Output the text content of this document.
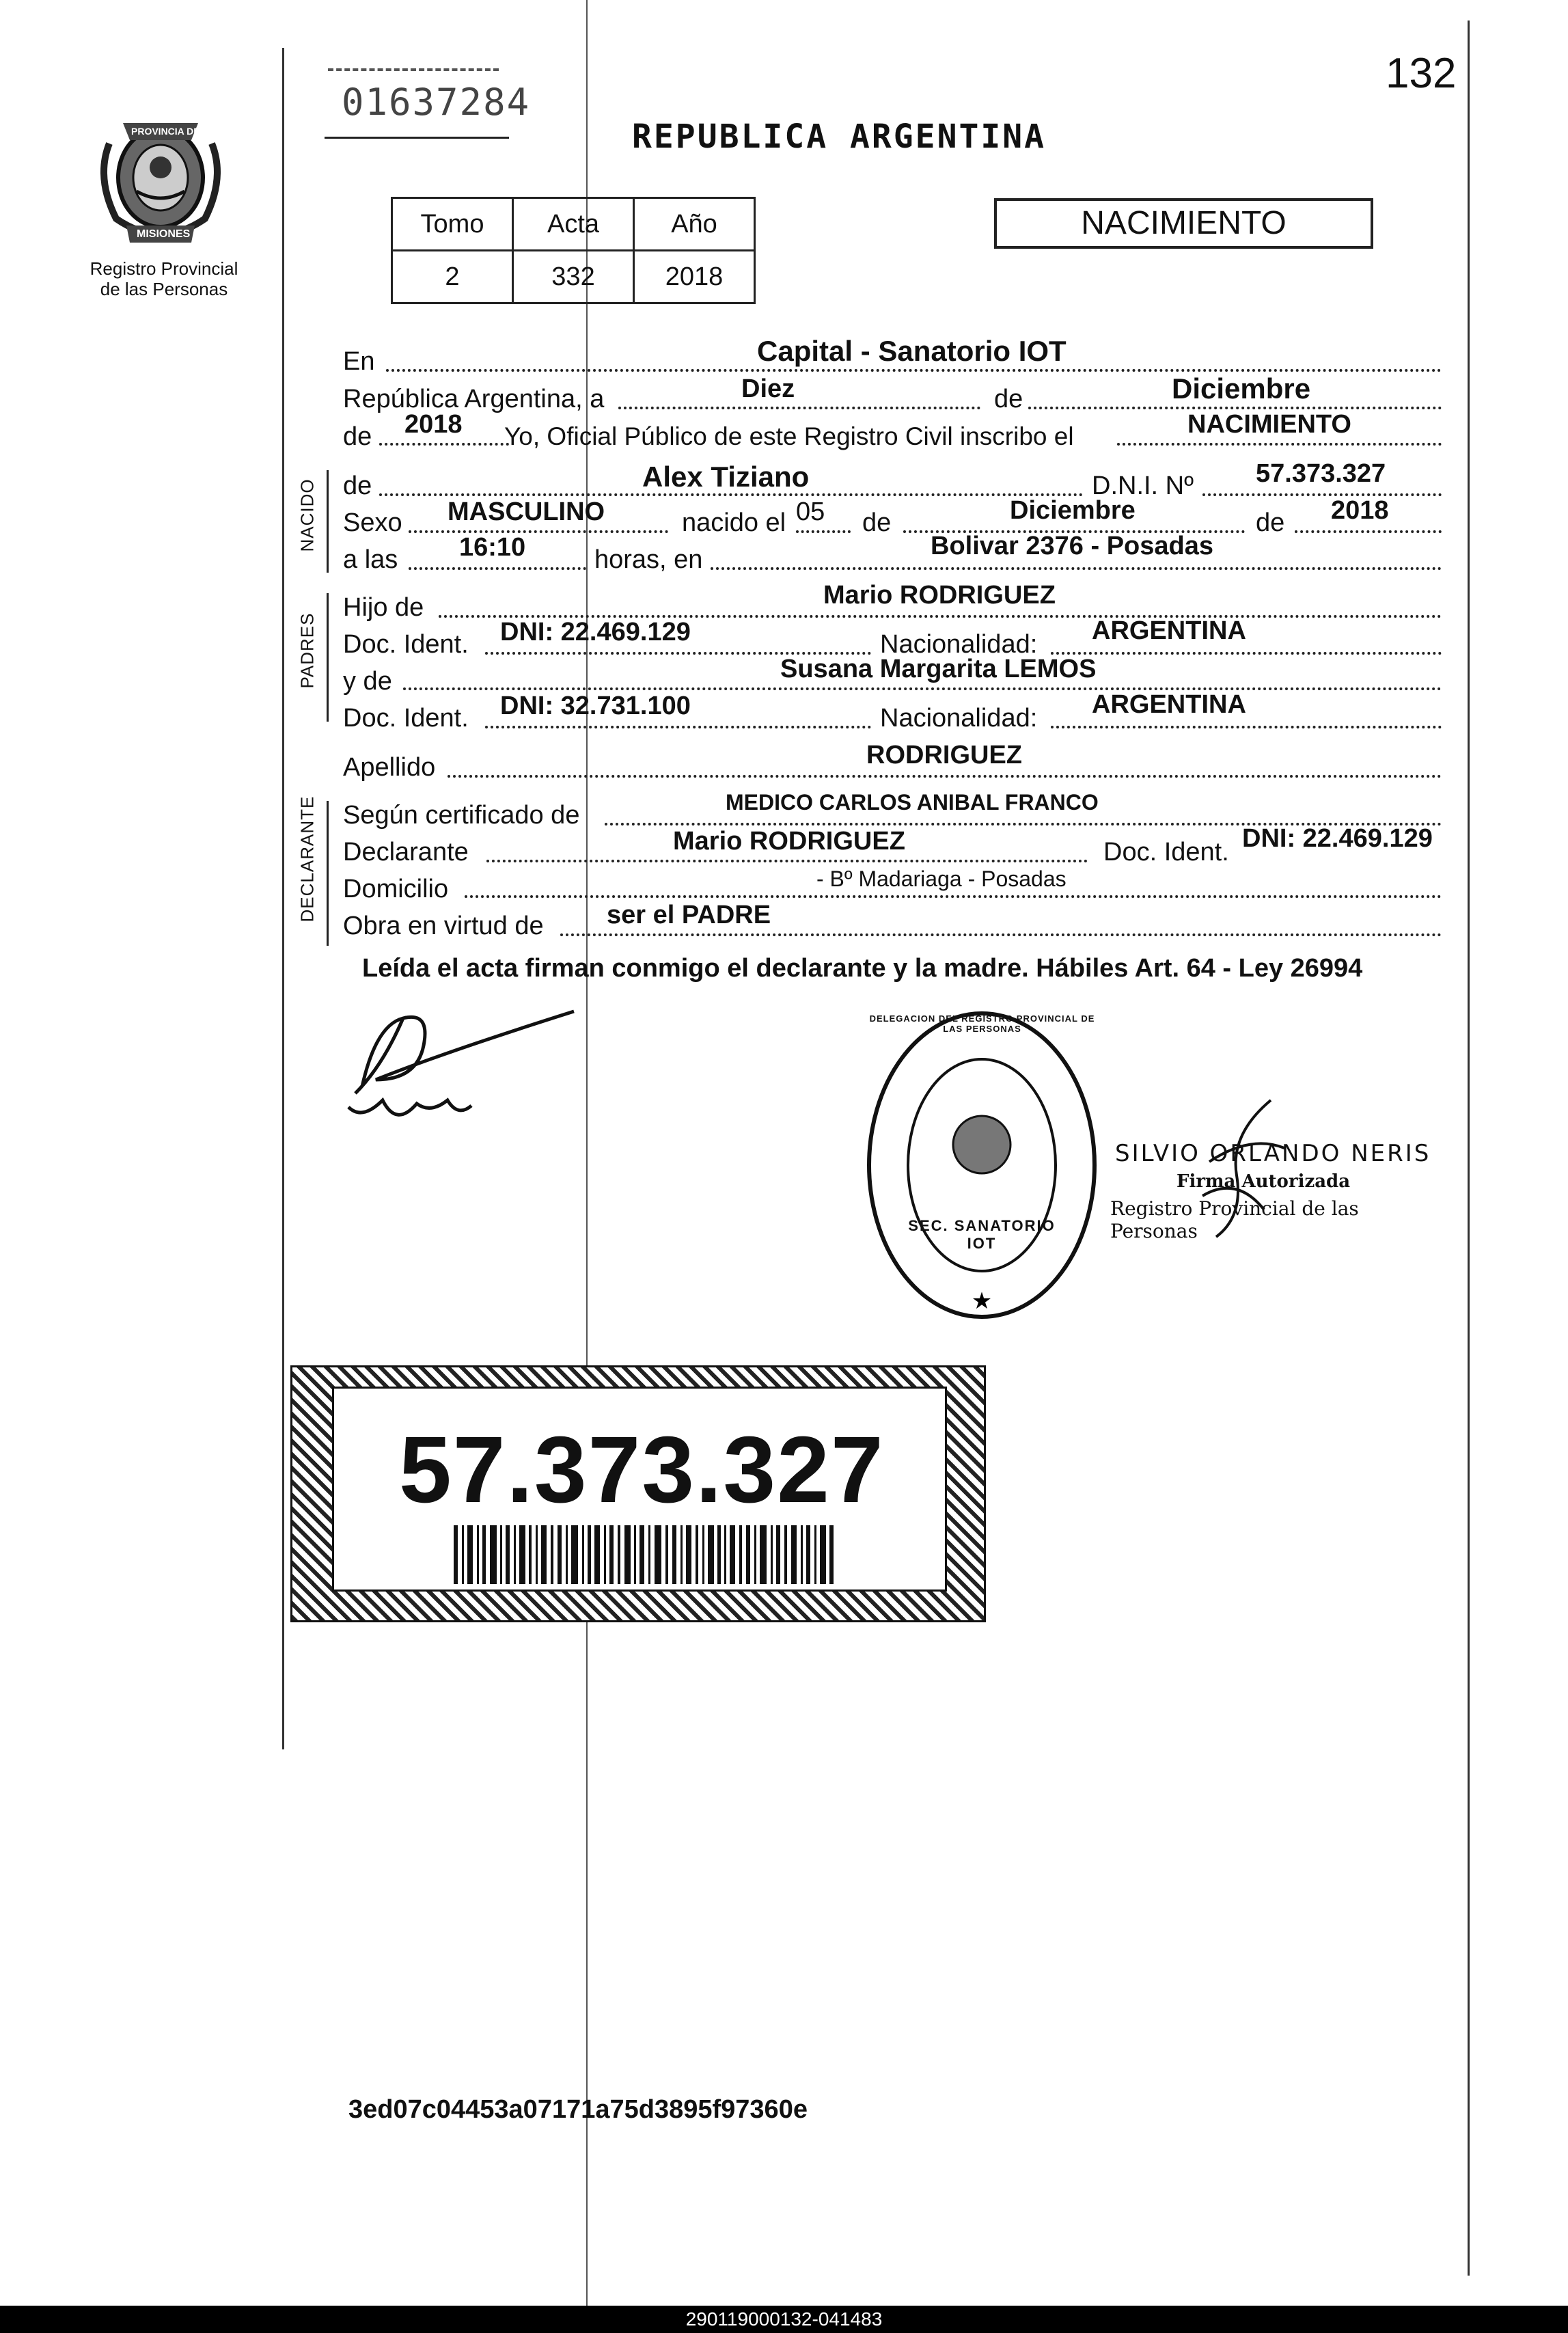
132
PROVINCIA DE
MISIONES
Registro Provincial
de las Personas
01637284
REPUBLICA ARGENTINA
Tomo	Acta	Año
2	332	2018
NACIMIENTO
En	Capital - Sanatorio IOT
República Argentina, a	Diez	de	Diciembre
de 2018 Yo, Oficial Público de este Registro Civil inscribo el	NACIMIENTO
NACIDO de	Alex Tiziano	D.N.I. Nº 57.373.327
Sexo MASCULINO	nacido el 05 de	Diciembre	de 2018
a las 16:10	horas, en	Bolivar 2376 - Posadas
PADRES
Hijo de	Mario RODRIGUEZ
Doc. Ident. DNI: 22.469.129	Nacionalidad: ARGENTINA
y de	Susana Margarita LEMOS
Doc. Ident. DNI: 32.731.100	Nacionalidad: ARGENTINA
Apellido	RODRIGUEZ
DECLARANTE Según certificado de	MEDICO CARLOS ANIBAL FRANCO
Declarante	Mario RODRIGUEZ	Doc. Ident. DNI: 22.469.129
Domicilio	- Bº Madariaga - Posadas
Obra en virtud de ser el PADRE
Leída el acta firman conmigo el declarante y la madre. Hábiles Art. 64 - Ley 26994
★
DELEGACION DEL REGISTRO PROVINCIAL DE LAS PERSONAS
SEC. SANATORIO IOT
SILVIO ORLANDO NERIS
Firma Autorizada
Registro Provincial de las Personas
57.373.327
3ed07c04453a07171a75d3895f97360e
290119000132-041483
